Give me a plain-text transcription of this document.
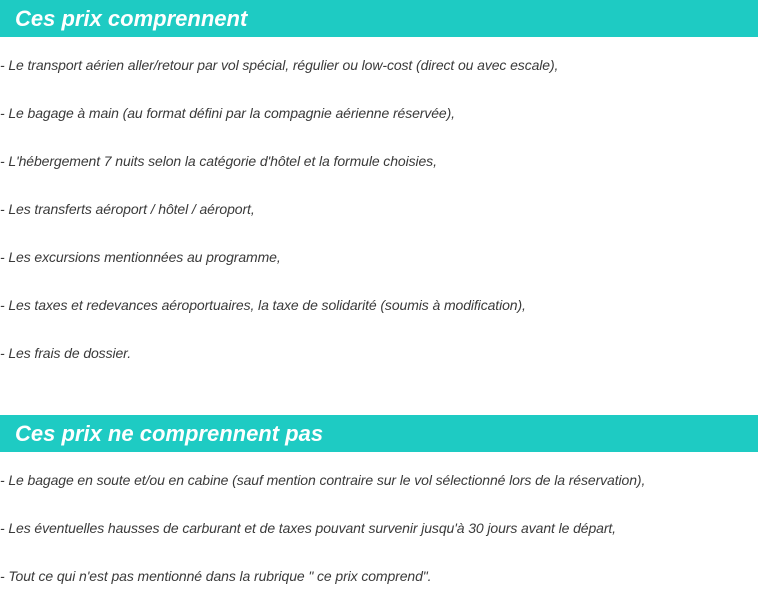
Ces prix comprennent
- Le transport aérien aller/retour par vol spécial, régulier ou low-cost (direct ou avec escale),
- Le bagage à main (au format défini par la compagnie aérienne réservée),
- L'hébergement 7 nuits selon la catégorie d'hôtel et la formule choisies,
- Les transferts aéroport / hôtel / aéroport,
- Les excursions mentionnées au programme,
- Les taxes et redevances aéroportuaires, la taxe de solidarité (soumis à modification),
- Les frais de dossier.
Ces prix ne comprennent pas
- Le bagage en soute et/ou en cabine (sauf mention contraire sur le vol sélectionné lors de la réservation),
- Les éventuelles hausses de carburant et de taxes pouvant survenir jusqu'à 30 jours avant le départ,
- Tout ce qui n'est pas mentionné dans la rubrique " ce prix comprend".
